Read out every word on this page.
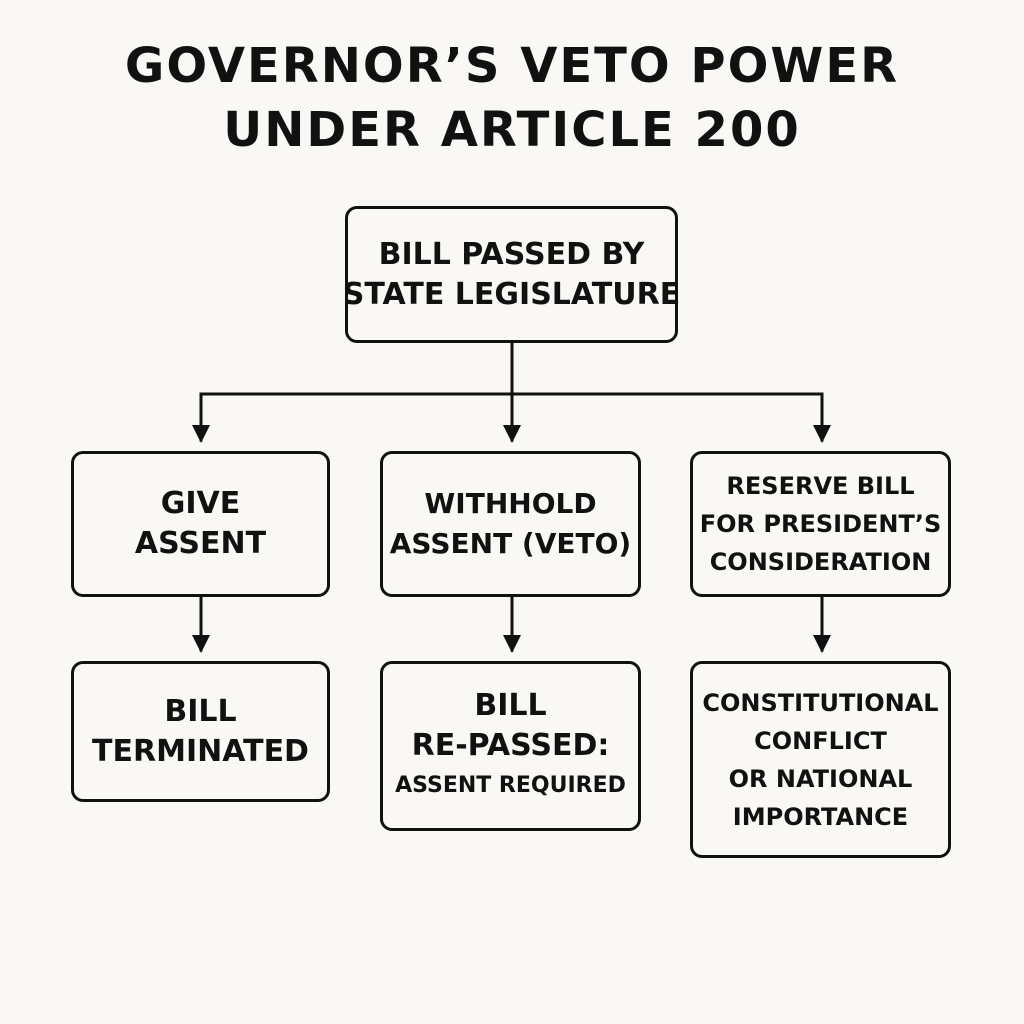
GOVERNOR’S VETO POWER
UNDER ARTICLE 200
BILL PASSED BY
STATE LEGISLATURE
GIVE
ASSENT
WITHHOLD
ASSENT (VETO)
RESERVE BILL
FOR PRESIDENT’S
CONSIDERATION
BILL
TERMINATED
BILL
RE-PASSED:
ASSENT REQUIRED
CONSTITUTIONAL
CONFLICT
OR NATIONAL
IMPORTANCE
